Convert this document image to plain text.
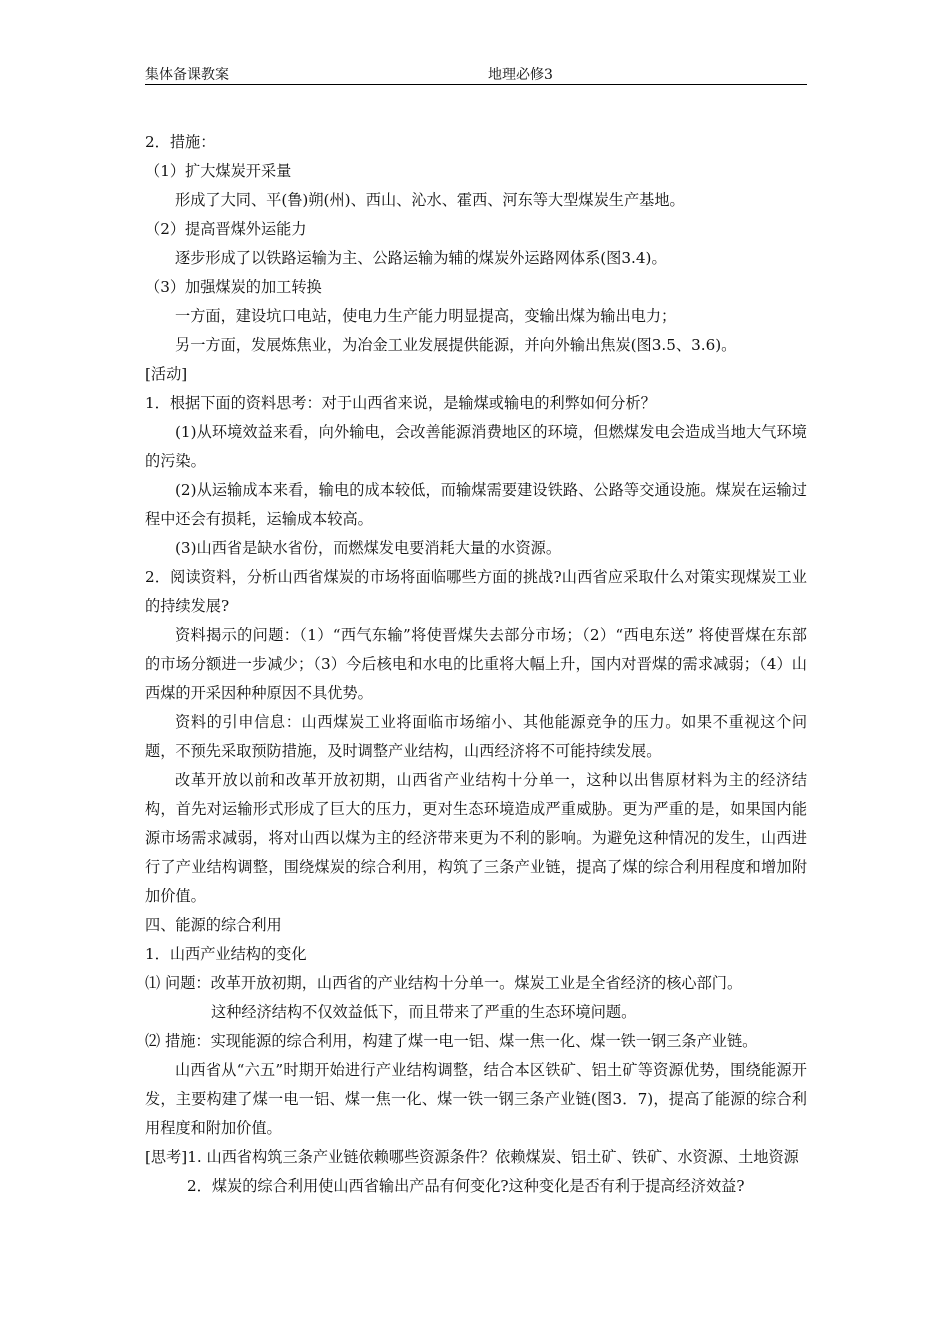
集体备课教案	地理必修3

2．措施：

（1）扩大煤炭开采量

形成了大同、平(鲁)朔(州)、西山、沁水、霍西、河东等大型煤炭生产基地。

（2）提高晋煤外运能力

逐步形成了以铁路运输为主、公路运输为辅的煤炭外运路网体系(图3.4)。

（3）加强煤炭的加工转换

一方面，建设坑口电站，使电力生产能力明显提高，变输出煤为输出电力；

另一方面，发展炼焦业，为冶金工业发展提供能源，并向外输出焦炭(图3.5、3.6)。

[活动]

1．根据下面的资料思考：对于山西省来说，是输煤或输电的利弊如何分析？

(1)从环境效益来看，向外输电，会改善能源消费地区的环境，但燃煤发电会造成当地大气环境的污染。

(2)从运输成本来看，输电的成本较低，而输煤需要建设铁路、公路等交通设施。煤炭在运输过程中还会有损耗，运输成本较高。

(3)山西省是缺水省份，而燃煤发电要消耗大量的水资源。

2．阅读资料，分析山西省煤炭的市场将面临哪些方面的挑战?山西省应采取什么对策实现煤炭工业的持续发展?

资料揭示的问题：（1）“西气东输”将使晋煤失去部分市场；（2）“西电东送” 将使晋煤在东部的市场分额进一步减少；（3）今后核电和水电的比重将大幅上升，国内对晋煤的需求减弱；（4）山西煤的开采因种种原因不具优势。

资料的引申信息：山西煤炭工业将面临市场缩小、其他能源竞争的压力。如果不重视这个问题，不预先采取预防措施，及时调整产业结构，山西经济将不可能持续发展。

改革开放以前和改革开放初期，山西省产业结构十分单一，这种以出售原材料为主的经济结构，首先对运输形式形成了巨大的压力，更对生态环境造成严重威胁。更为严重的是，如果国内能源市场需求减弱，将对山西以煤为主的经济带来更为不利的影响。为避免这种情况的发生，山西进行了产业结构调整，围绕煤炭的综合利用，构筑了三条产业链，提高了煤的综合利用程度和增加附加价值。

四、能源的综合利用

1．山西产业结构的变化

⑴ 问题：改革开放初期，山西省的产业结构十分单一。煤炭工业是全省经济的核心部门。

这种经济结构不仅效益低下，而且带来了严重的生态环境问题。

⑵ 措施：实现能源的综合利用，构建了煤一电一铝、煤一焦一化、煤一铁一钢三条产业链。

山西省从“六五”时期开始进行产业结构调整，结合本区铁矿、铝土矿等资源优势，围绕能源开发，主要构建了煤一电一铝、煤一焦一化、煤一铁一钢三条产业链(图3．7)，提高了能源的综合利用程度和附加价值。

[思考]1. 山西省构筑三条产业链依赖哪些资源条件？依赖煤炭、铝土矿、铁矿、水资源、土地资源

2．煤炭的综合利用使山西省输出产品有何变化?这种变化是否有利于提高经济效益?
